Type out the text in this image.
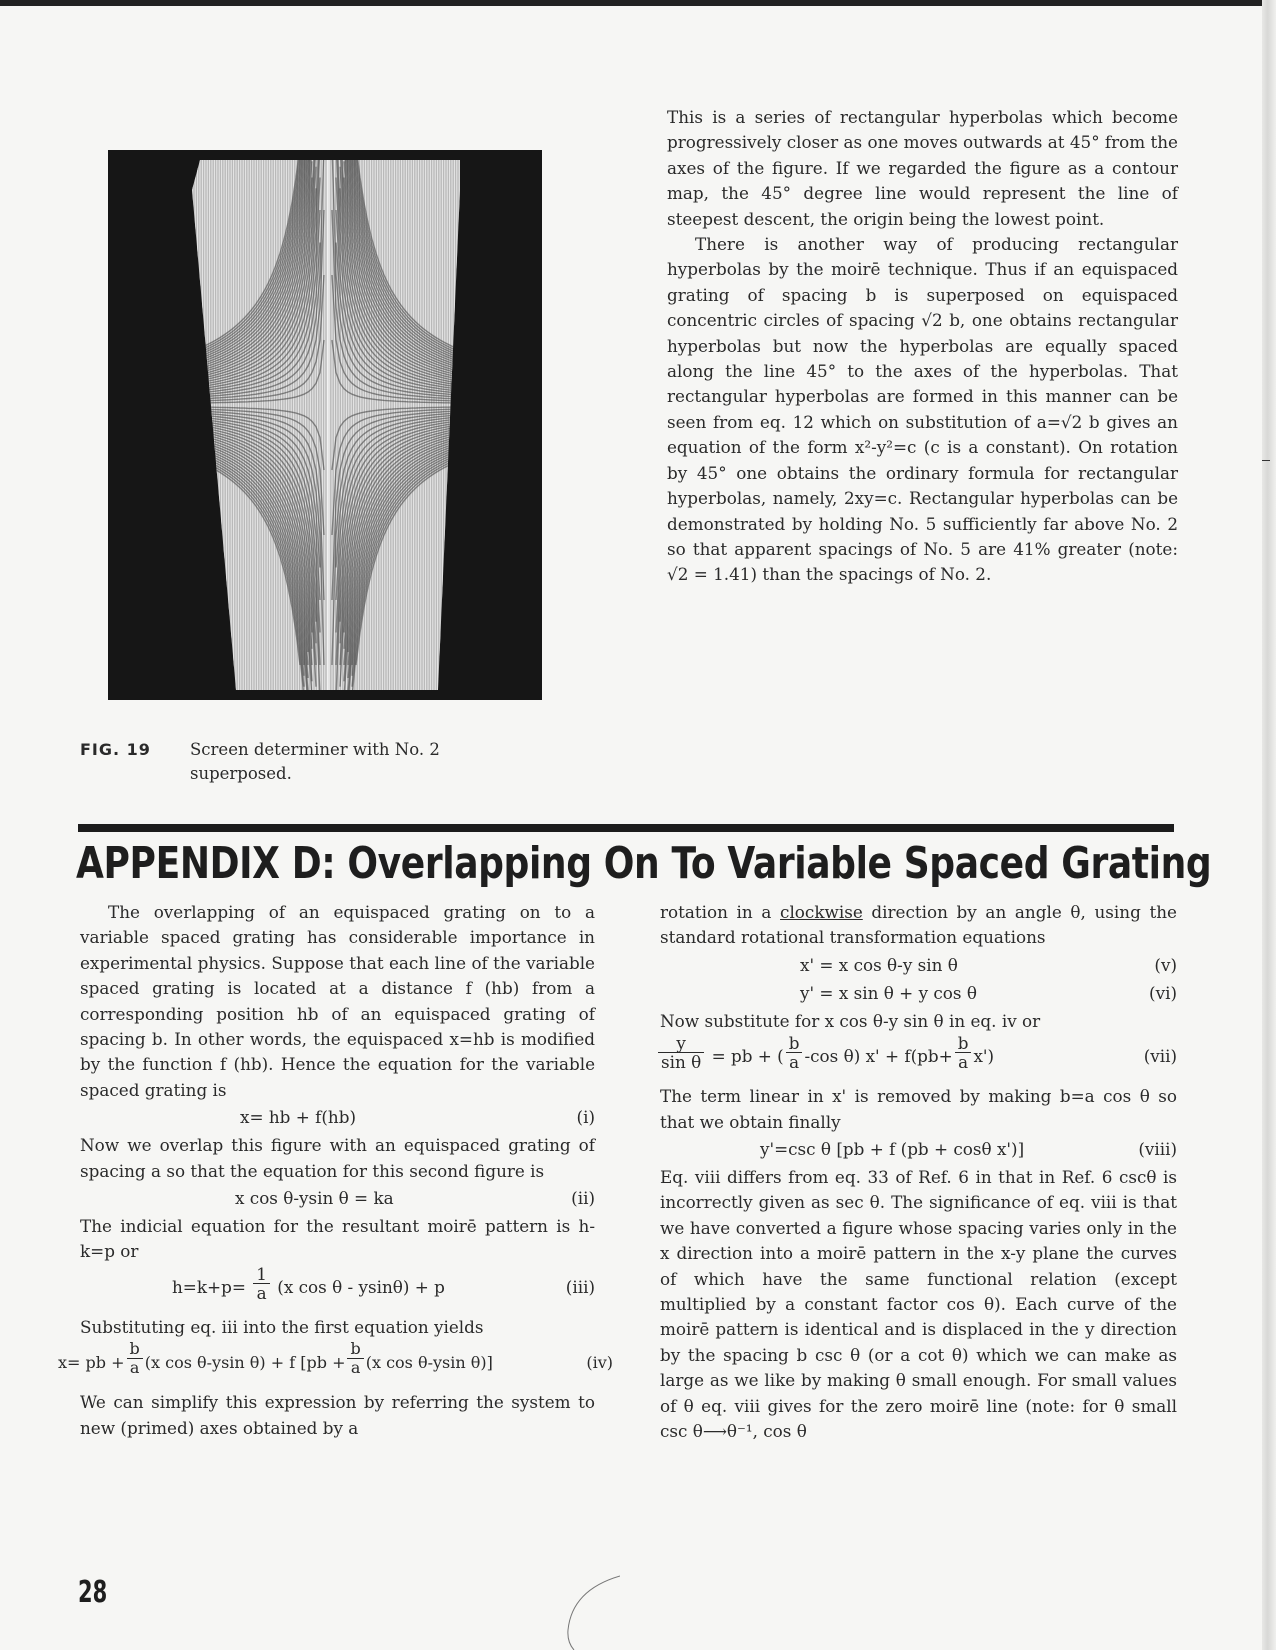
FIG. 19 Screen determiner with No. 2 superposed.

This is a series of rectangular hyperbolas which become progressively closer as one moves outwards at 45° from the axes of the figure. If we regarded the figure as a contour map, the 45° degree line would represent the line of steepest descent, the origin being the lowest point.

There is another way of producing rectangular hyperbolas by the moirē technique. Thus if an equispaced grating of spacing b is superposed on equispaced concentric circles of spacing √2 b, one obtains rectangular hyperbolas but now the hyperbolas are equally spaced along the line 45° to the axes of the hyperbolas. That rectangular hyperbolas are formed in this manner can be seen from eq. 12 which on substitution of a=√2 b gives an equation of the form x²-y²=c (c is a constant). On rotation by 45° one obtains the ordinary formula for rectangular hyperbolas, namely, 2xy=c. Rectangular hyperbolas can be demonstrated by holding No. 5 sufficiently far above No. 2 so that apparent spacings of No. 5 are 41% greater (note: √2 = 1.41) than the spacings of No. 2.

APPENDIX D: Overlapping On To Variable Spaced Grating

The overlapping of an equispaced grating on to a variable spaced grating has considerable importance in experimental physics. Suppose that each line of the variable spaced grating is located at a distance f (hb) from a corresponding position hb of an equispaced grating of spacing b. In other words, the equispaced x=hb is modified by the function f (hb). Hence the equation for the variable spaced grating is

x= hb + f(hb)	(i)

Now we overlap this figure with an equispaced grating of spacing a so that the equation for this second figure is

x cos θ-ysin θ = ka	(ii)

The indicial equation for the resultant moirē pattern is h-k=p or

$h=k+p= \frac{1}{a} (x$ cos θ - ysinθ) + p	(iii)

Substituting eq. iii into the first equation yields

x= pb + $\frac{b}{a} (x$ cos θ-ysin θ) + f [$pb + \frac{b}{a} (x$ cos θ-ysin θ)]	(iv)

We can simplify this expression by referring the system to new (primed) axes obtained by a

rotation in a clockwise direction by an angle θ, using the standard rotational transformation equations

x' = x cos θ-y sin θ	(v)
y' = x sin θ + y cos θ	(vi)

Now substitute for x cos θ-y sin θ in eq. iv or

$\frac{y}{\text{sin θ}}$ = pb + ( $\frac{b}{a} -\cos$ θ) $x' + f(pb+ \frac{b}{a} x')$	(vii)

The term linear in x' is removed by making b=a cos θ so that we obtain finally

y'=csc θ [pb + f (pb + cosθ x')]	(viii)

Eq. viii differs from eq. 33 of Ref. 6 in that in Ref. 6 cscθ is incorrectly given as sec θ. The significance of eq. viii is that we have converted a figure whose spacing varies only in the x direction into a moirē pattern in the x-y plane the curves of which have the same functional relation (except multiplied by a constant factor cos θ). Each curve of the moirē pattern is identical and is displaced in the y direction by the spacing b csc θ (or a cot θ) which we can make as large as we like by making θ small enough. For small values of θ eq. viii gives for the zero moirē line (note: for θ small csc θ⟶θ⁻¹, cos θ

28
